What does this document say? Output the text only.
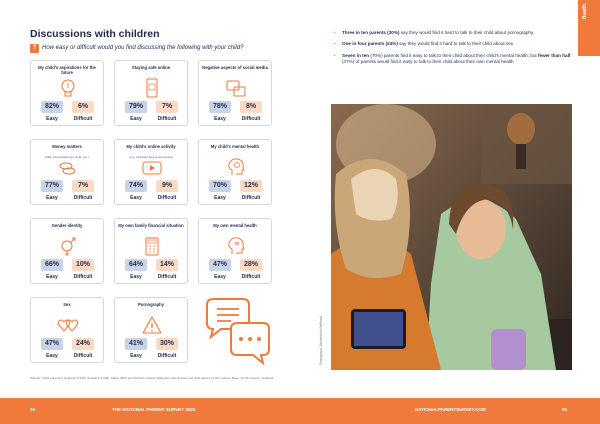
Health
Discussions with children
? How easy or difficult would you find discussing the following with your child?
My child's aspirations for the future
82%	6%
Easy	Difficult
Staying safe online
79%	7%
Easy	Difficult
Negative aspects of social media
78%	8%
Easy	Difficult
Money matters
(bills, interest/savings, debt, etc.)
77%	7%
Easy	Difficult
My child's online activity
(e.g. websites they're accessing)
74%	9%
Easy	Difficult
My child's mental health
70%	12%
Easy	Difficult
Gender identity
66%	10%
Easy	Difficult
My own family financial situation
64%	14%
Easy	Difficult
My own mental health
47%	28%
Easy	Difficult
Sex
47%	24%
Easy	Difficult
Pornography
41%	30%
Easy	Difficult
Sample: 3,066 parents in England (2,915), Scotland (1,500), Wales (800) and Northern Ireland (600) who have at least one child aged 4 to 18 in school. Base: All UK parents, weighted
• Three in ten parents (30%) say they would find it hard to talk to their child about pornography
• One in four parents (24%) say they would find it hard to talk to their child about sex
• Seven in ten (70%) parents find it easy to talk to their child about their child's mental health, but fewer than half (47%) of parents would find it easy to talk to their child about their own mental health
Photograph: Shutterstock/Jeffbond
34	THE NATIONAL PARENT SURVEY 2023	NATIONALPARENTSURVEY.COM	35
